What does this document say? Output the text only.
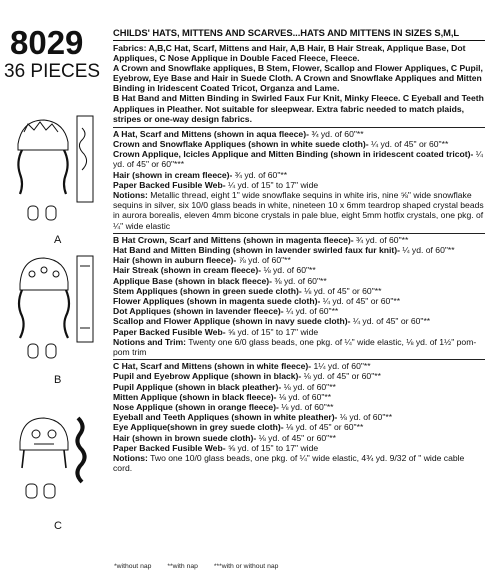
8029
36 PIECES
A
B
C
CHILDS' HATS, MITTENS AND SCARVES...HATS AND MITTENS IN SIZES S,M,L

Fabrics: A,B,C Hat, Scarf, Mittens and Hair, A,B Hair, B Hair Streak, Applique Base, Dot Appliques, C Nose Applique in Double Faced Fleece, Fleece.

A Crown and Snowflake appliques, B Stem, Flower, Scallop and Flower Appliques, C Pupil, Eyebrow, Eye Base and Hair in Suede Cloth. A Crown and Snowflake Appliques and Mitten Binding in Iridescent Coated Tricot, Organza and Lame.

B Hat Band and Mitten Binding in Swirled Faux Fur Knit, Minky Fleece. C Eyeball and Teeth Appliques in Pleather. Not suitable for sleepwear. Extra fabric needed to match plaids, stripes or one-way design fabrics.

A Hat, Scarf and Mittens (shown in aqua fleece)- ¾ yd. of 60"**
Crown and Snowflake Appliques (shown in white suede cloth)- ¼ yd. of 45" or 60"**
Crown Applique, Icicles Applique and Mitten Binding (shown in iridescent coated tricot)- ¼ yd. of 45" or 60"***
Hair (shown in cream fleece)- ¾ yd. of 60"**
Paper Backed Fusible Web- ¼ yd. of 15" to 17" wide
Notions: Metallic thread, eight 1" wide snowflake sequins in white iris, nine ⅝" wide snowflake sequins in silver, six 10/0 glass beads in white, nineteen 10 x 6mm teardrop shaped crystal beads in aurora borealis, eleven 4mm bicone crystals in pale blue, eight 5mm hotfix crystals, one pkg. of ¼" wide elastic
B Hat Crown, Scarf and Mittens (shown in magenta fleece)- ¾ yd. of 60"**
Hat Band and Mitten Binding (shown in lavender swirled faux fur knit)- ¼ yd. of 60"**
Hair (shown in auburn fleece)- ⅞ yd. of 60"**
Hair Streak (shown in cream fleece)- ⅛ yd. of 60"**
Applique Base (shown in black fleece)- ⅜ yd. of 60"**
Stem Appliques (shown in green suede cloth)- ⅛ yd. of 45" or 60"**
Flower Appliques (shown in magenta suede cloth)- ¼ yd. of 45" or 60"**
Dot Appliques (shown in lavender fleece)- ¼ yd. of 60"**
Scallop and Flower Applique (shown in navy suede cloth)- ¼ yd. of 45" or 60"**
Paper Backed Fusible Web- ⅝ yd. of 15" to 17" wide
Notions and Trim: Twenty one 6/0 glass beads, one pkg. of ¼" wide elastic, ⅛ yd. of 1½" pom-pom trim
C Hat, Scarf and Mittens (shown in white fleece)- 1¼ yd. of 60"**
Pupil and Eyebrow Applique (shown in black)- ⅛ yd. of 45" or 60"**
Pupil Applique (shown in black pleather)- ⅛ yd. of 60"**
Mitten Applique (shown in black fleece)- ⅛ yd. of 60"**
Nose Applique (shown in orange fleece)- ⅛ yd. of 60"**
Eyeball and Teeth Appliques (shown in white pleather)- ⅛ yd. of 60"**
Eye Applique(shown in grey suede cloth)- ⅛ yd. of 45" or 60"**
Hair (shown in brown suede cloth)- ⅛ yd. of 45" or 60"**
Paper Backed Fusible Web- ⅝ yd. of 15" to 17" wide
Notions: Two one 10/0 glass beads, one pkg. of ¼" wide elastic, 4¾ yd. 9/32 of " wide cable cord.
*without nap **with nap ***with or without nap
